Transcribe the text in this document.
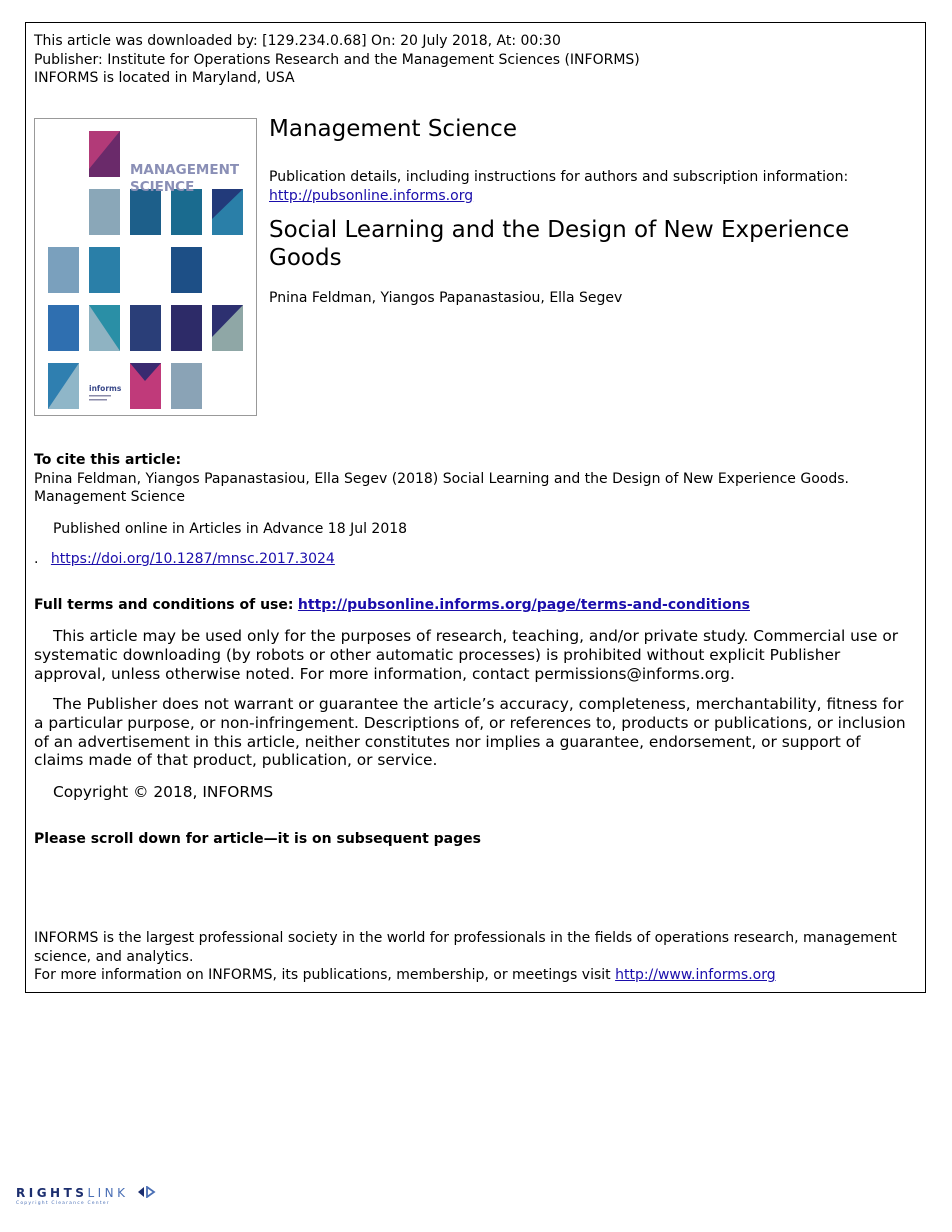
This article was downloaded by: [129.234.0.68] On: 20 July 2018, At: 00:30
Publisher: Institute for Operations Research and the Management Sciences (INFORMS)
INFORMS is located in Maryland, USA
MANAGEMENT
SCIENCE
informs
Management Science
Publication details, including instructions for authors and subscription information:
http://pubsonline.informs.org
Social Learning and the Design of New Experience Goods
Pnina Feldman, Yiangos Papanastasiou, Ella Segev
To cite this article:
Pnina Feldman, Yiangos Papanastasiou, Ella Segev (2018) Social Learning and the Design of New Experience Goods. Management Science
Published online in Articles in Advance 18 Jul 2018
. https://doi.org/10.1287/mnsc.2017.3024
Full terms and conditions of use: http://pubsonline.informs.org/page/terms-and-conditions
This article may be used only for the purposes of research, teaching, and/or private study. Commercial use or systematic downloading (by robots or other automatic processes) is prohibited without explicit Publisher approval, unless otherwise noted. For more information, contact permissions@informs.org.
The Publisher does not warrant or guarantee the article’s accuracy, completeness, merchantability, fitness for a particular purpose, or non-infringement. Descriptions of, or references to, products or publications, or inclusion of an advertisement in this article, neither constitutes nor implies a guarantee, endorsement, or support of claims made of that product, publication, or service.
Copyright © 2018, INFORMS
Please scroll down for article—it is on subsequent pages
INFORMS is the largest professional society in the world for professionals in the fields of operations research, management science, and analytics.
For more information on INFORMS, its publications, membership, or meetings visit http://www.informs.org
RIGHTSLINK
Copyright Clearance Center
